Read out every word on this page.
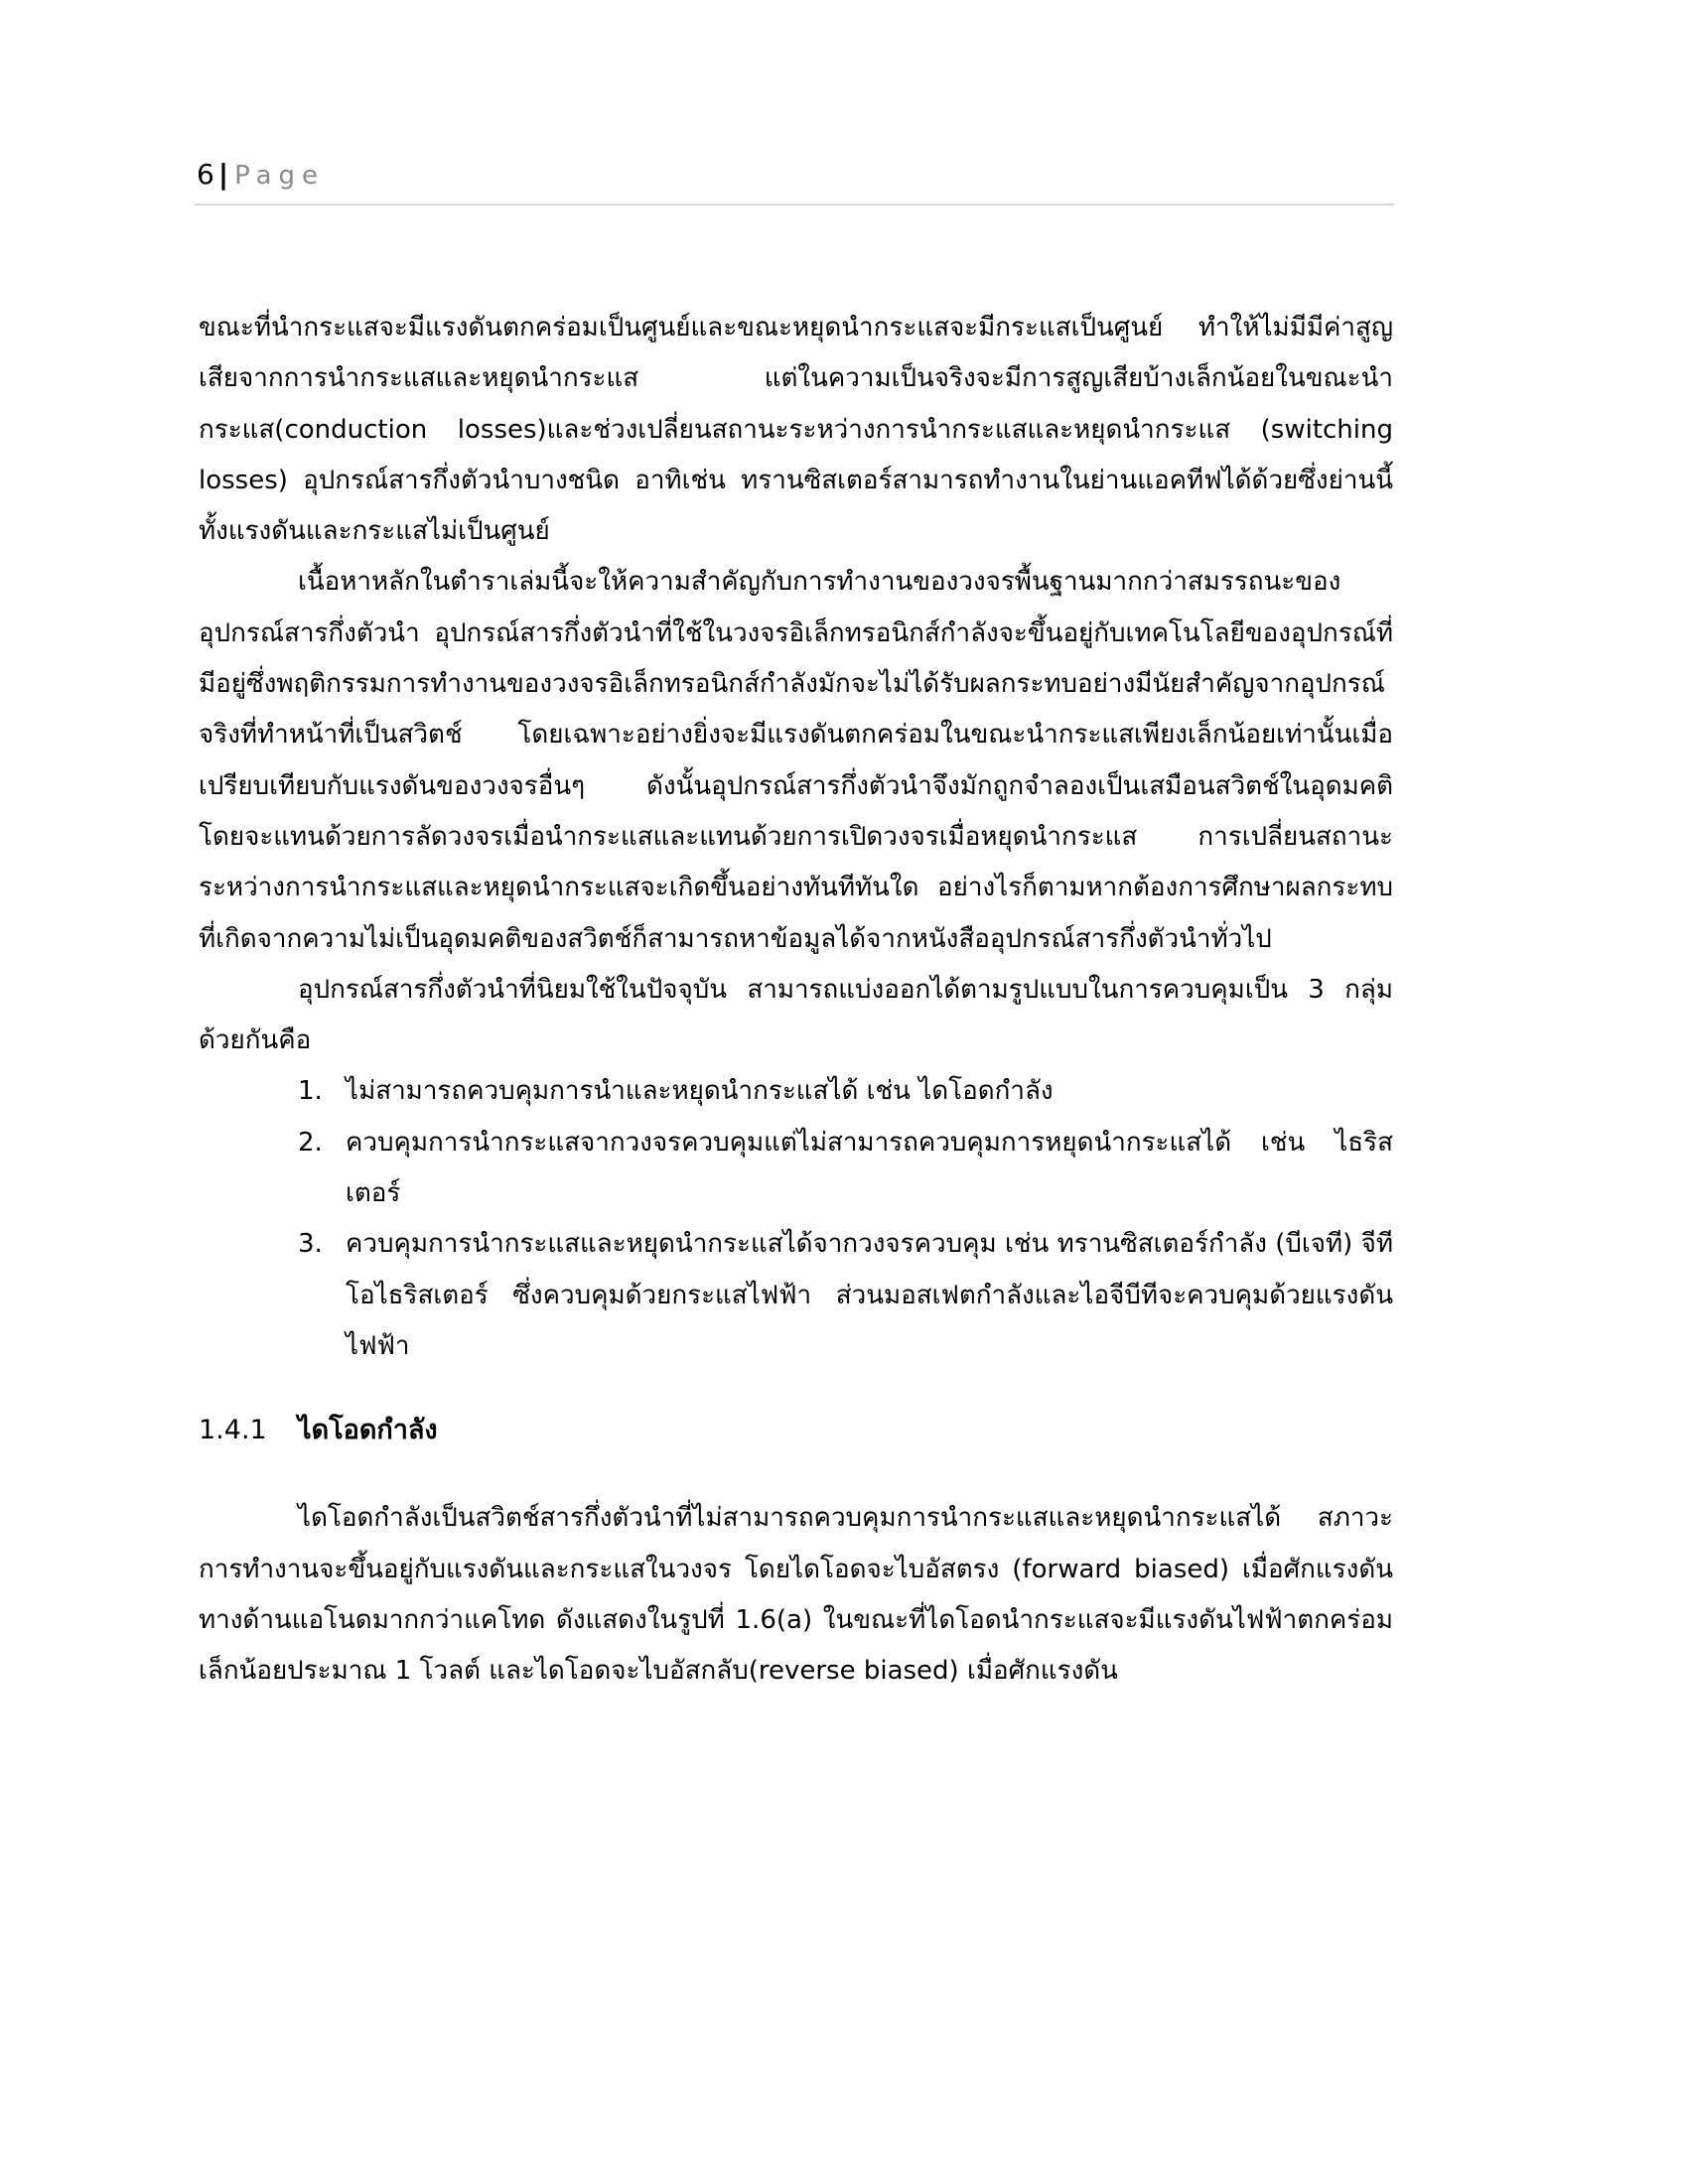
6 | Page

ขณะที่นำกระแสจะมีแรงดันตกคร่อมเป็นศูนย์และขณะหยุดนำกระแสจะมีกระแสเป็นศูนย์ ทำให้ไม่มีมีค่าสูญเสียจากการนำกระแสและหยุดนำกระแส แต่ในความเป็นจริงจะมีการสูญเสียบ้างเล็กน้อยในขณะนำกระแส(conduction losses)และช่วงเปลี่ยนสถานะระหว่างการนำกระแสและหยุดนำกระแส (switching losses) อุปกรณ์สารกึ่งตัวนำบางชนิด อาทิเช่น ทรานซิสเตอร์สามารถทำงานในย่านแอคทีฟได้ด้วยซึ่งย่านนี้ทั้งแรงดันและกระแสไม่เป็นศูนย์

เนื้อหาหลักในตำราเล่มนี้จะให้ความสำคัญกับการทำงานของวงจรพื้นฐานมากกว่าสมรรถนะของอุปกรณ์สารกึ่งตัวนำ อุปกรณ์สารกึ่งตัวนำที่ใช้ในวงจรอิเล็กทรอนิกส์กำลังจะขึ้นอยู่กับเทคโนโลยีของอุปกรณ์ที่มีอยู่ซึ่งพฤติกรรมการทำงานของวงจรอิเล็กทรอนิกส์กำลังมักจะไม่ได้รับผลกระทบอย่างมีนัยสำคัญจากอุปกรณ์จริงที่ทำหน้าที่เป็นสวิตช์ โดยเฉพาะอย่างยิ่งจะมีแรงดันตกคร่อมในขณะนำกระแสเพียงเล็กน้อยเท่านั้นเมื่อเปรียบเทียบกับแรงดันของวงจรอื่นๆ ดังนั้นอุปกรณ์สารกึ่งตัวนำจึงมักถูกจำลองเป็นเสมือนสวิตช์ในอุดมคติ โดยจะแทนด้วยการลัดวงจรเมื่อนำกระแสและแทนด้วยการเปิดวงจรเมื่อหยุดนำกระแส การเปลี่ยนสถานะระหว่างการนำกระแสและหยุดนำกระแสจะเกิดขึ้นอย่างทันทีทันใด อย่างไรก็ตามหากต้องการศึกษาผลกระทบที่เกิดจากความไม่เป็นอุดมคติของสวิตช์ก็สามารถหาข้อมูลได้จากหนังสืออุปกรณ์สารกึ่งตัวนำทั่วไป

อุปกรณ์สารกึ่งตัวนำที่นิยมใช้ในปัจจุบัน สามารถแบ่งออกได้ตามรูปแบบในการควบคุมเป็น 3 กลุ่มด้วยกันคือ

1. ไม่สามารถควบคุมการนำและหยุดนำกระแสได้ เช่น ไดโอดกำลัง
2. ควบคุมการนำกระแสจากวงจรควบคุมแต่ไม่สามารถควบคุมการหยุดนำกระแสได้ เช่น ไธริสเตอร์
3. ควบคุมการนำกระแสและหยุดนำกระแสได้จากวงจรควบคุม เช่น ทรานซิสเตอร์กำลัง (บีเจที) จีทีโอไธริสเตอร์ ซึ่งควบคุมด้วยกระแสไฟฟ้า ส่วนมอสเฟตกำลังและไอจีบีทีจะควบคุมด้วยแรงดันไฟฟ้า
1.4.1 ไดโอดกำลัง

ไดโอดกำลังเป็นสวิตช์สารกึ่งตัวนำที่ไม่สามารถควบคุมการนำกระแสและหยุดนำกระแสได้ สภาวะการทำงานจะขึ้นอยู่กับแรงดันและกระแสในวงจร โดยไดโอดจะไบอัสตรง (forward biased) เมื่อศักแรงดันทางด้านแอโนดมากกว่าแคโทด ดังแสดงในรูปที่ 1.6(a) ในขณะที่ไดโอดนำกระแสจะมีแรงดันไฟฟ้าตกคร่อมเล็กน้อยประมาณ 1 โวลต์ และไดโอดจะไบอัสกลับ(reverse biased) เมื่อศักแรงดัน
